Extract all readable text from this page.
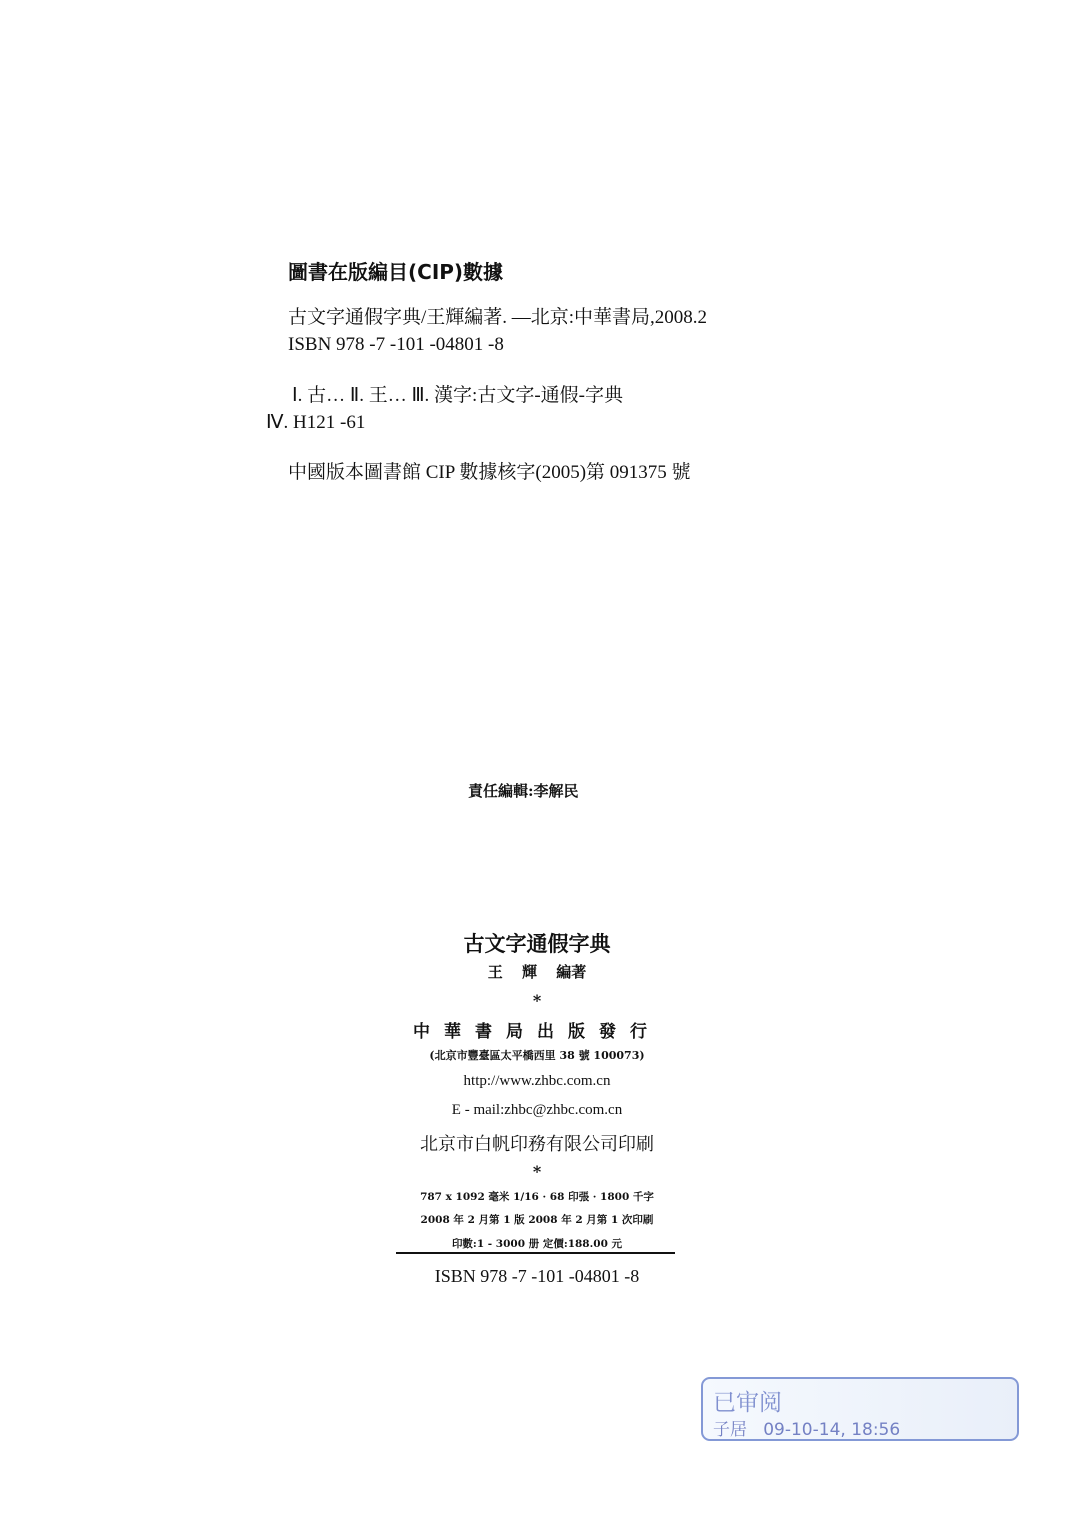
圖書在版編目(CIP)數據
古文字通假字典/王輝編著. —北京:中華書局,2008.2
ISBN 978 -7 -101 -04801 -8
Ⅰ. 古… Ⅱ. 王… Ⅲ. 漢字:古文字-通假-字典
Ⅳ. H121 -61
中國版本圖書館 CIP 數據核字(2005)第 091375 號
責任編輯:李解民
古文字通假字典
王 輝 編著
*
中華書局出版發行
(北京市豐臺區太平橋西里 38 號 100073)
http://www.zhbc.com.cn
E - mail:zhbc@zhbc.com.cn
北京市白帆印務有限公司印刷
*
787 x 1092 毫米 1/16 · 68 印張 · 1800 千字
2008 年 2 月第 1 版 2008 年 2 月第 1 次印刷
印數:1 - 3000 册 定價:188.00 元
ISBN 978 -7 -101 -04801 -8
已审阅
子居 09-10-14, 18:56
